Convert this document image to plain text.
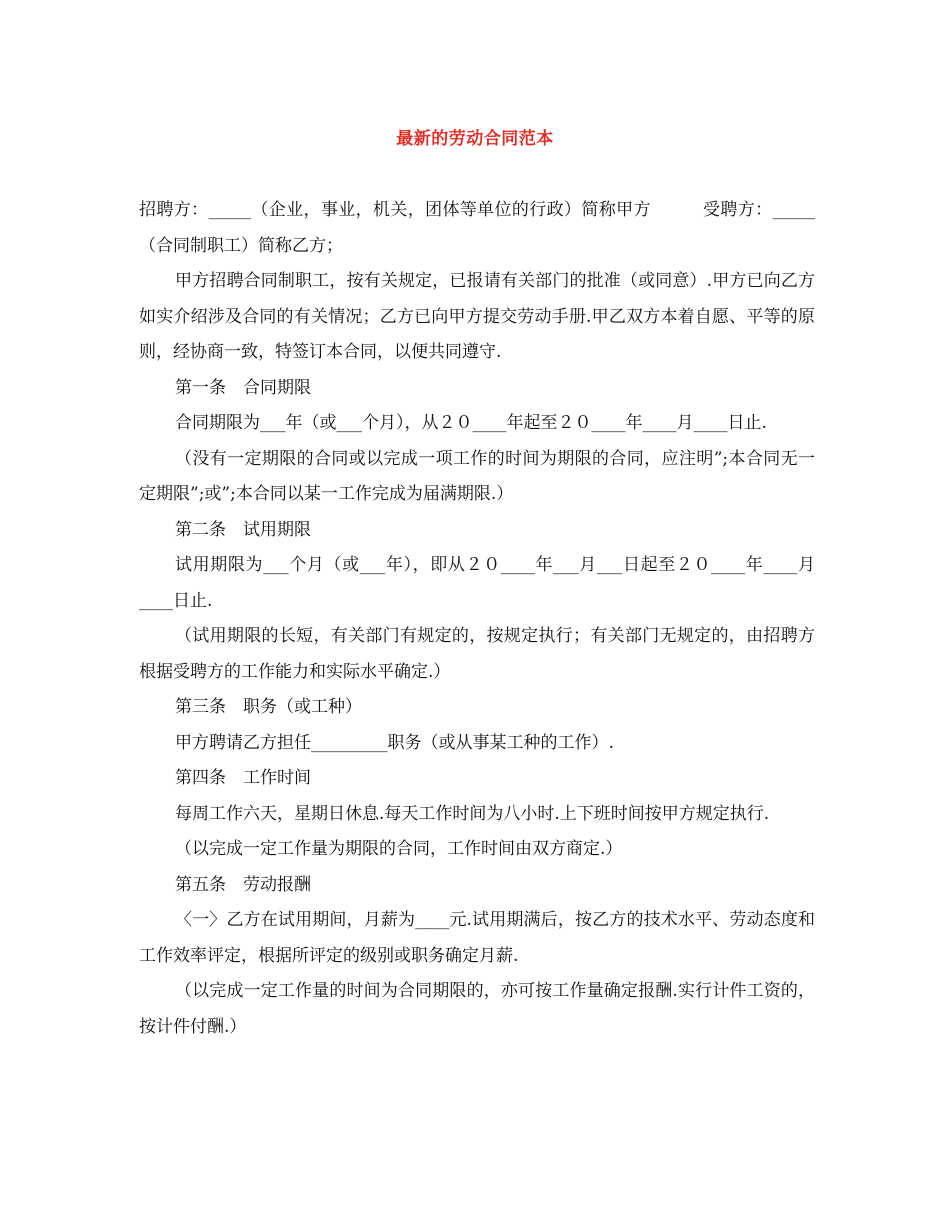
最新的劳动合同范本

招聘方：_____（企业，事业，机关，团体等单位的行政）简称甲方　　　受聘方：_____（合同制职工）简称乙方；

甲方招聘合同制职工，按有关规定，已报请有关部门的批准（或同意）.甲方已向乙方如实介绍涉及合同的有关情况；乙方已向甲方提交劳动手册.甲乙双方本着自愿、平等的原则，经协商一致，特签订本合同，以便共同遵守.

第一条　合同期限

合同期限为___年（或___个月），从２０____年起至２０____年____月____日止.

（没有一定期限的合同或以完成一项工作的时间为期限的合同，应注明”;本合同无一定期限”;或”;本合同以某一工作完成为届满期限.）

第二条　试用期限

试用期限为___个月（或___年），即从２０____年___月___日起至２０____年____月____日止.

（试用期限的长短，有关部门有规定的，按规定执行；有关部门无规定的，由招聘方根据受聘方的工作能力和实际水平确定.）

第三条　职务（或工种）

甲方聘请乙方担任_________职务（或从事某工种的工作）.

第四条　工作时间

每周工作六天，星期日休息.每天工作时间为八小时.上下班时间按甲方规定执行.

（以完成一定工作量为期限的合同，工作时间由双方商定.）

第五条　劳动报酬

〈一〉乙方在试用期间，月薪为____元.试用期满后，按乙方的技术水平、劳动态度和工作效率评定，根据所评定的级别或职务确定月薪.

（以完成一定工作量的时间为合同期限的，亦可按工作量确定报酬.实行计件工资的，按计件付酬.）
